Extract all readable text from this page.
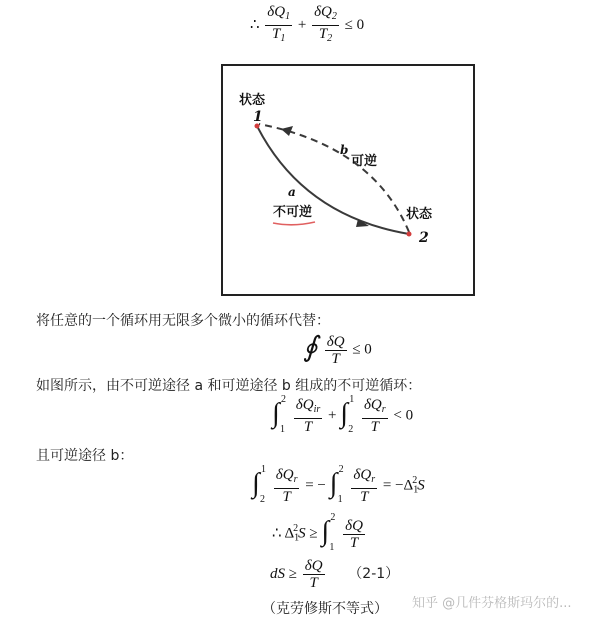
∴ $\frac{\delta Q_1}{T_1} + \frac{\delta Q_2}{T_2} \le 0$
状态
1
b
可逆
a
不可逆	状态
2
将任意的一个循环用无限多个微小的循环代替：
∮
$\frac{\delta Q}{T} \le 0$
如图所示，由不可逆途径 a 和可逆途径 b 组成的不可逆循环：
∫ 2
1
$\frac{\delta Q_{ir}}{T}$ + ∫ 1
2
$\frac{\delta Q_r}{T} < 0$
且可逆途径 b：
∫ 1
2
$\frac{\delta Q_r}{T}$ = − ∫ 2
1
$\frac{\delta Q_r}{T} = -\Delta_1^2S$
∴ $\Delta_1^2S$ ≥ ∫ 2
1
$\frac{\delta Q}{T}$
dS ≥ $\frac{\delta Q}{T} (2-1)$
（克劳修斯不等式） 知乎 @几件芬格斯玛尔的...
